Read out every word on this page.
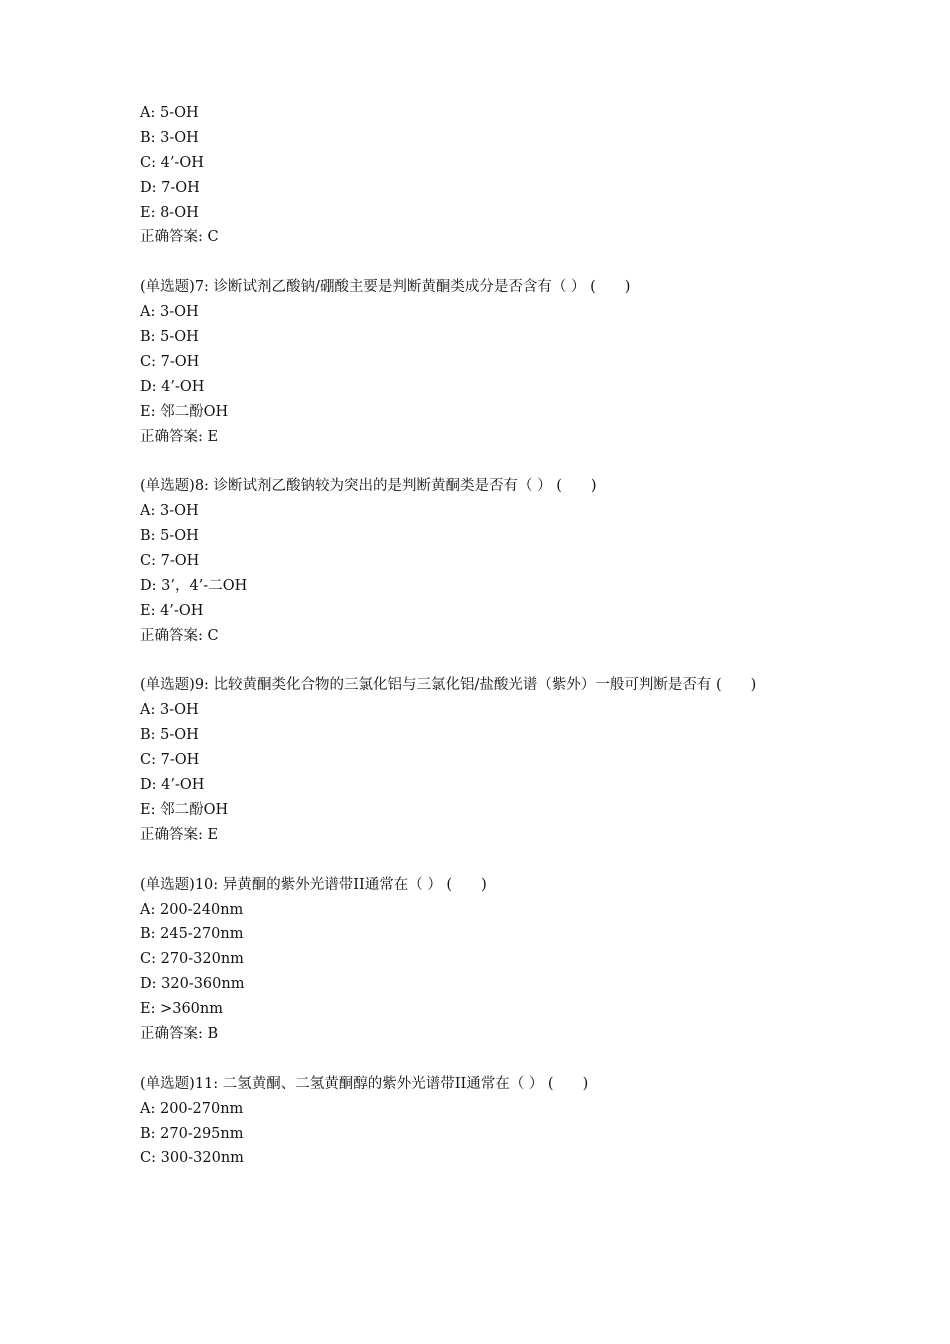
A: 5-OH
B: 3-OH
C: 4’-OH
D: 7-OH
E: 8-OH
正确答案: C
(单选题)7: 诊断试剂乙酸钠/硼酸主要是判断黄酮类成分是否含有（ ） (　　)
A: 3-OH
B: 5-OH
C: 7-OH
D: 4’-OH
E: 邻二酚OH
正确答案: E
(单选题)8: 诊断试剂乙酸钠较为突出的是判断黄酮类是否有（ ） (　　)
A: 3-OH
B: 5-OH
C: 7-OH
D: 3’，4’-二OH
E: 4’-OH
正确答案: C
(单选题)9: 比较黄酮类化合物的三氯化铝与三氯化铝/盐酸光谱（紫外）一般可判断是否有 (　　)
A: 3-OH
B: 5-OH
C: 7-OH
D: 4’-OH
E: 邻二酚OH
正确答案: E
(单选题)10: 异黄酮的紫外光谱带II通常在（ ） (　　)
A: 200-240nm
B: 245-270nm
C: 270-320nm
D: 320-360nm
E: >360nm
正确答案: B
(单选题)11: 二氢黄酮、二氢黄酮醇的紫外光谱带II通常在（ ） (　　)
A: 200-270nm
B: 270-295nm
C: 300-320nm
